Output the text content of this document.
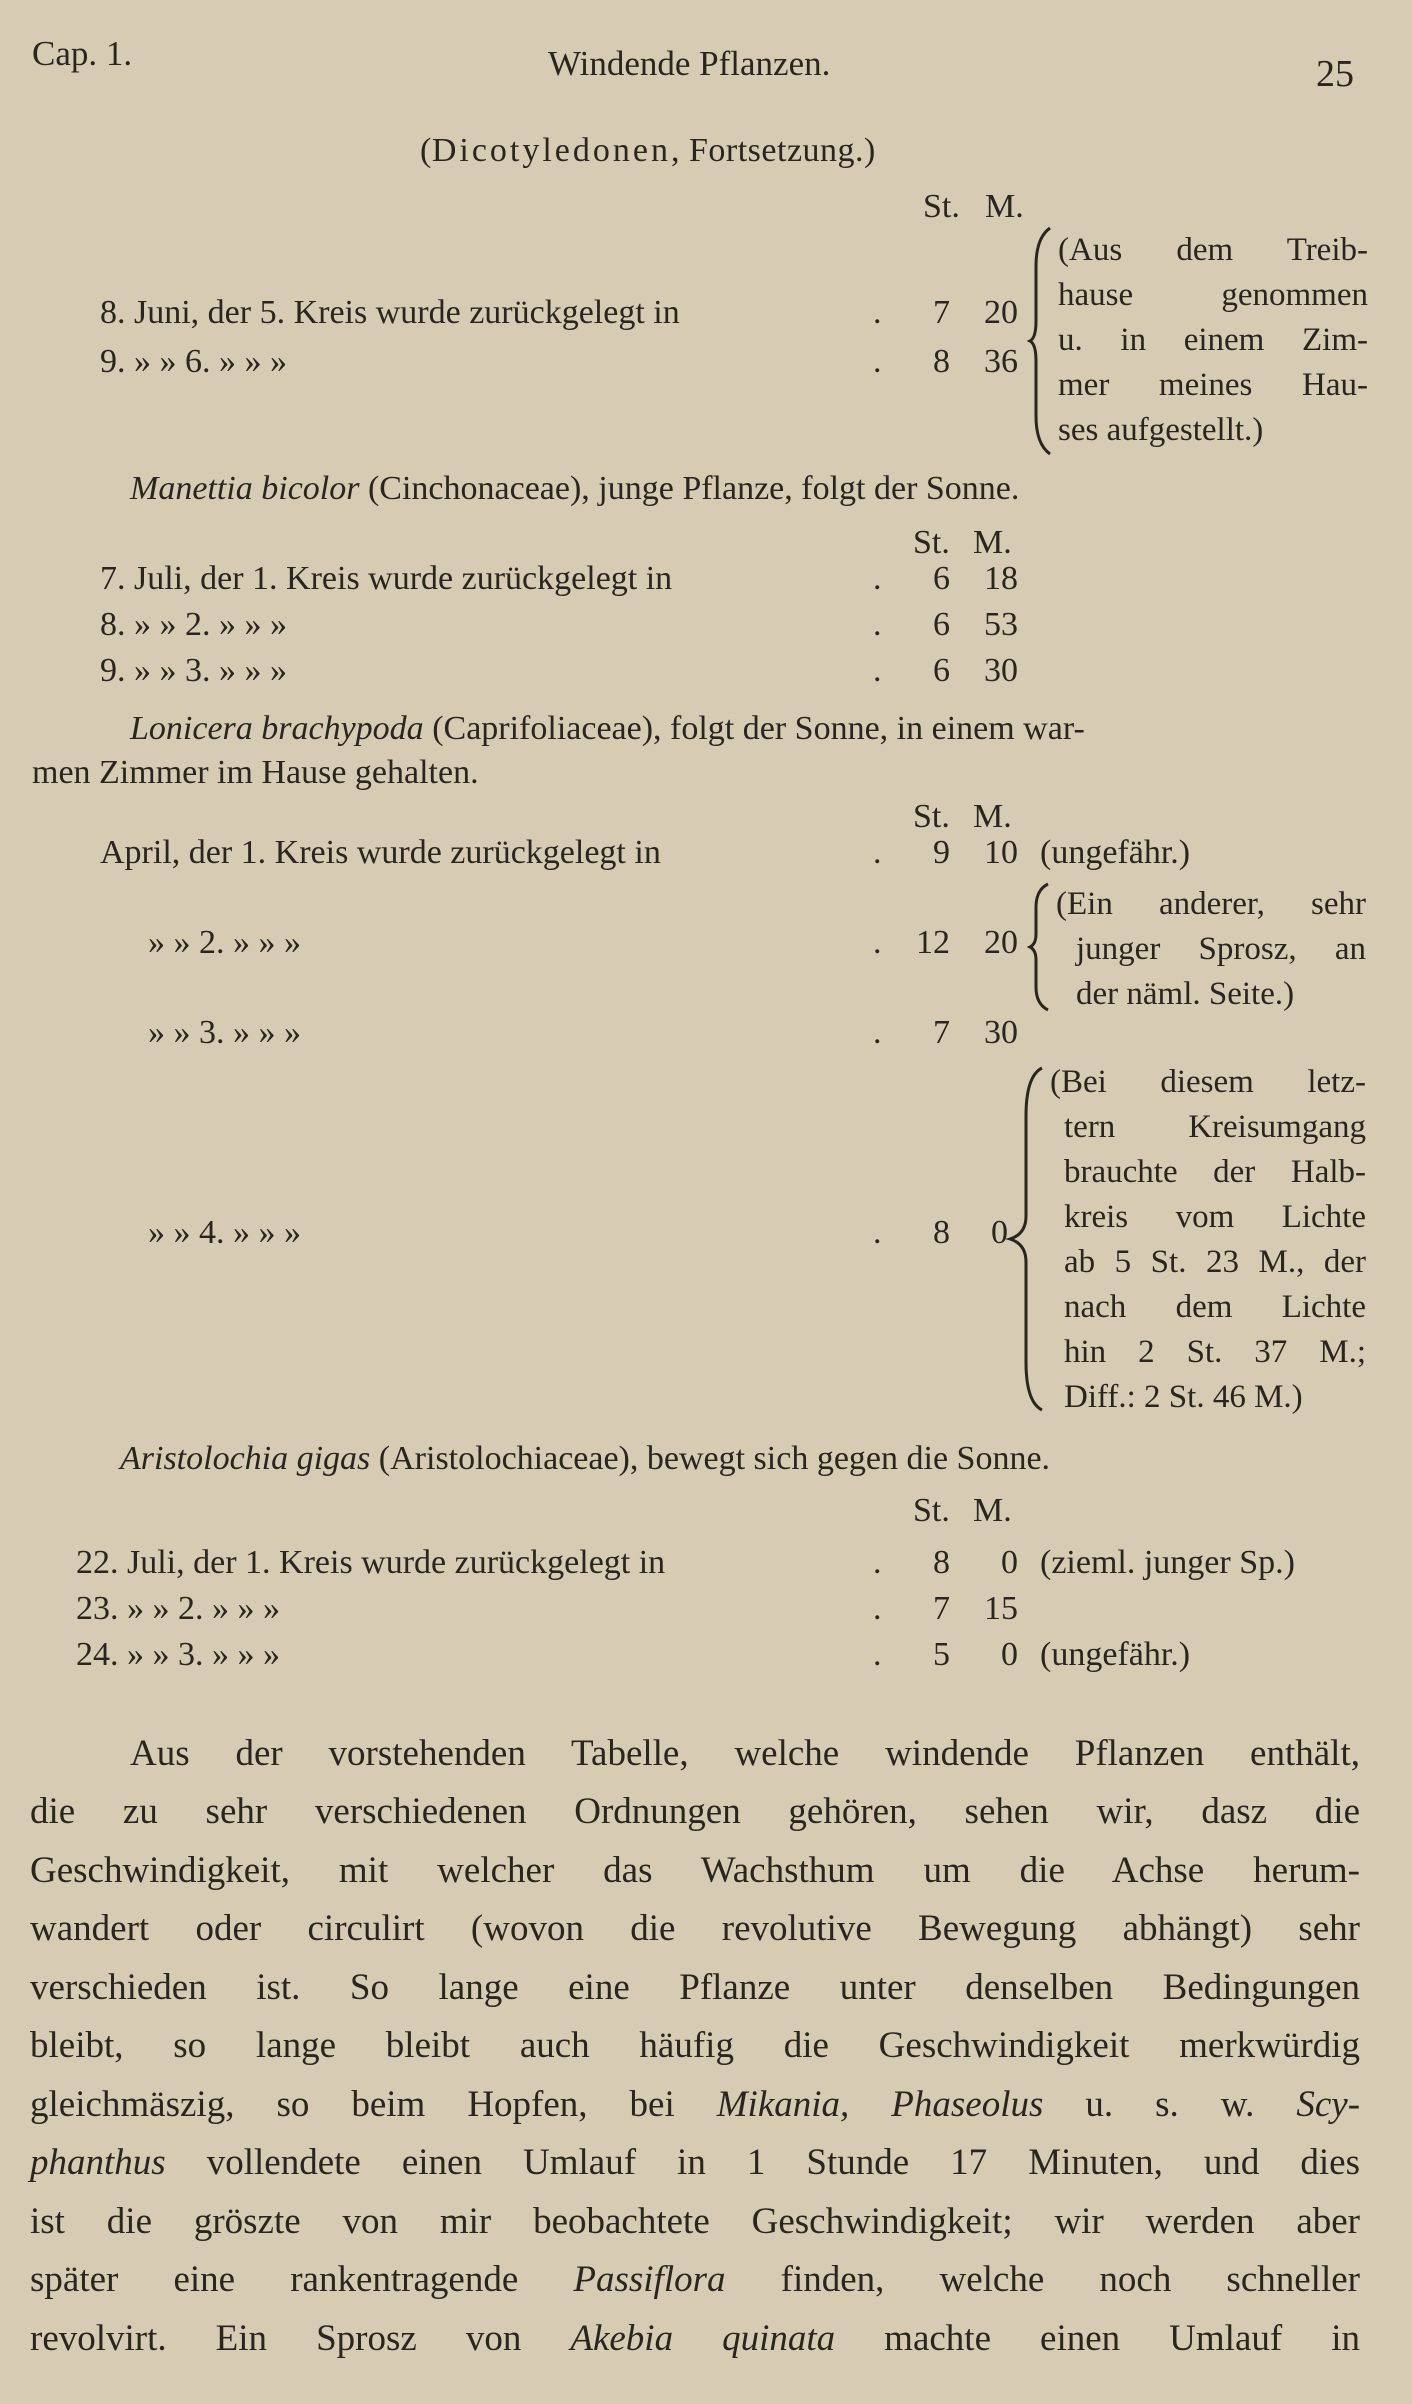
Cap. 1.	Windende Pflanzen.	25
(Dicotyledonen, Fortsetzung.)
St. M.
8. Juni, der 5. Kreis wurde zurückgelegt in	.	7	20
9. » » 6. » » »	.	8	36
(Aus dem Treib-
hause genommen
u. in einem Zim-
mer meines Hau-
ses aufgestellt.)
Manettia bicolor (Cinchonaceae), junge Pflanze, folgt der Sonne.
St. M.
7. Juli, der 1. Kreis wurde zurückgelegt in	.	6	18
8. » » 2. » » »	.	6	53
9. » » 3. » » »	.	6	30
Lonicera brachypoda (Caprifoliaceae), folgt der Sonne, in einem war-
men Zimmer im Hause gehalten.
St. M.
April, der 1. Kreis wurde zurückgelegt in	.	9	10 (ungefähr.)
» » 2. » » »	.	12	20
(Ein anderer, sehr
junger Sprosz, an
der näml. Seite.)
» » 3. » » »	.	7	30
» » 4. » » »	.	8	0
(Bei diesem letz-
tern Kreisumgang
brauchte der Halb-
kreis vom Lichte
ab 5 St. 23 M., der
nach dem Lichte
hin 2 St. 37 M.;
Diff.: 2 St. 46 M.)
Aristolochia gigas (Aristolochiaceae), bewegt sich gegen die Sonne.
St. M.
22. Juli, der 1. Kreis wurde zurückgelegt in	.	8	0 (zieml. junger Sp.)
23. » » 2. » » »	.	7	15
24. » » 3. » » »	.	5	0 (ungefähr.)
Aus der vorstehenden Tabelle, welche windende Pflanzen enthält,
die zu sehr verschiedenen Ordnungen gehören, sehen wir, dasz die
Geschwindigkeit, mit welcher das Wachsthum um die Achse herum-
wandert oder circulirt (wovon die revolutive Bewegung abhängt) sehr
verschieden ist. So lange eine Pflanze unter denselben Bedingungen
bleibt, so lange bleibt auch häufig die Geschwindigkeit merkwürdig
gleichmäszig, so beim Hopfen, bei Mikania, Phaseolus u. s. w. Scy-
phanthus vollendete einen Umlauf in 1 Stunde 17 Minuten, und dies
ist die gröszte von mir beobachtete Geschwindigkeit; wir werden aber
später eine rankentragende Passiflora finden, welche noch schneller
revolvirt. Ein Sprosz von Akebia quinata machte einen Umlauf in
